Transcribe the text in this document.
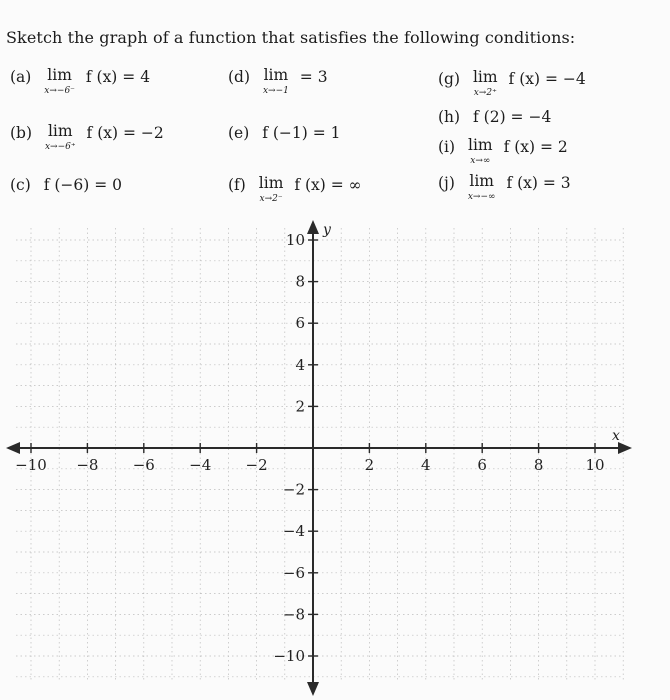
Sketch the graph of a function that satisfies the following conditions:
(a) lim
x→−6⁻
f (x) = 4
(b) lim
x→−6⁺
f (x) = −2
(c) f (−6) = 0
(d) lim
x→−1
= 3
(e) f (−1) = 1
(f) lim
x→2⁻
f (x) = ∞
(g) lim
x→2⁺
f (x) = −4
(h) f (2) = −4
(i) lim
x→∞
f (x) = 2
(j) lim
x→−∞
f (x) = 3
−10 −8 −6 −4 −2	2	4	6	8	10
10
8
6
4
2
−2
−4
−6
−8
−10
x
y
